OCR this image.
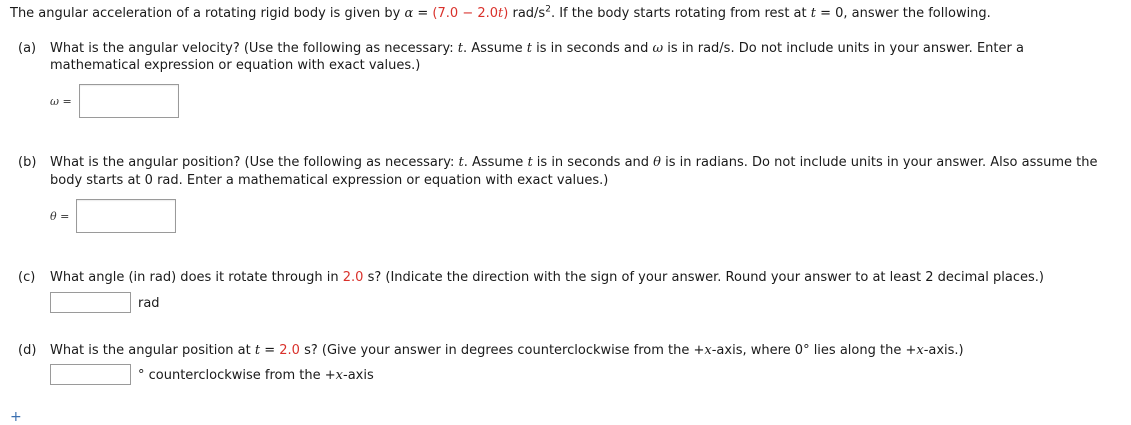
The angular acceleration of a rotating rigid body is given by α = (7.0 − 2.0t) rad/$s^2$. If the body starts rotating from rest at t = 0, answer the following.
(a) What is the angular velocity? (Use the following as necessary: t. Assume t is in seconds and ω is in rad/s. Do not include units in your answer. Enter a
mathematical expression or equation with exact values.)
ω =
(b) What is the angular position? (Use the following as necessary: t. Assume t is in seconds and θ is in radians. Do not include units in your answer. Also assume the
body starts at 0 rad. Enter a mathematical expression or equation with exact values.)
θ =
(c) What angle (in rad) does it rotate through in 2.0 s? (Indicate the direction with the sign of your answer. Round your answer to at least 2 decimal places.)
rad
(d) What is the angular position at t = 2.0 s? (Give your answer in degrees counterclockwise from the +x-axis, where 0° lies along the +x-axis.)
° counterclockwise from the +x-axis
+
